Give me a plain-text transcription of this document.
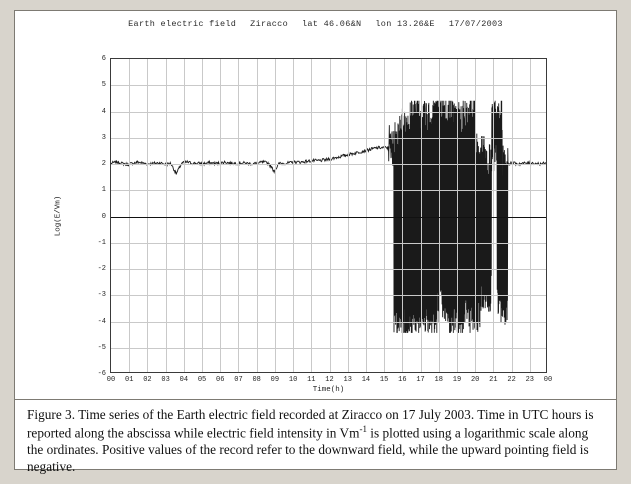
Earth electric field Ziracco lat 46.06&N lon 13.26&E 17/07/2003
Log(E/Vm)
00 01 02 03 04 05 06 07 08 09 10 11 12 13 14 15 16 17 18 19 20 21 22 23 00
6
5
4
3
2
1
0
-1
-2
-3
-4
-5
-6
Time(h)
Figure 3. Time series of the Earth electric field recorded at Ziracco on 17 July 2003. Time in UTC hours is reported along the abscissa while electric field intensity in $Vm^{-1}$ is plotted using a logarithmic scale along the ordinates. Positive values of the record refer to the downward field, while the upward pointing field is negative.
